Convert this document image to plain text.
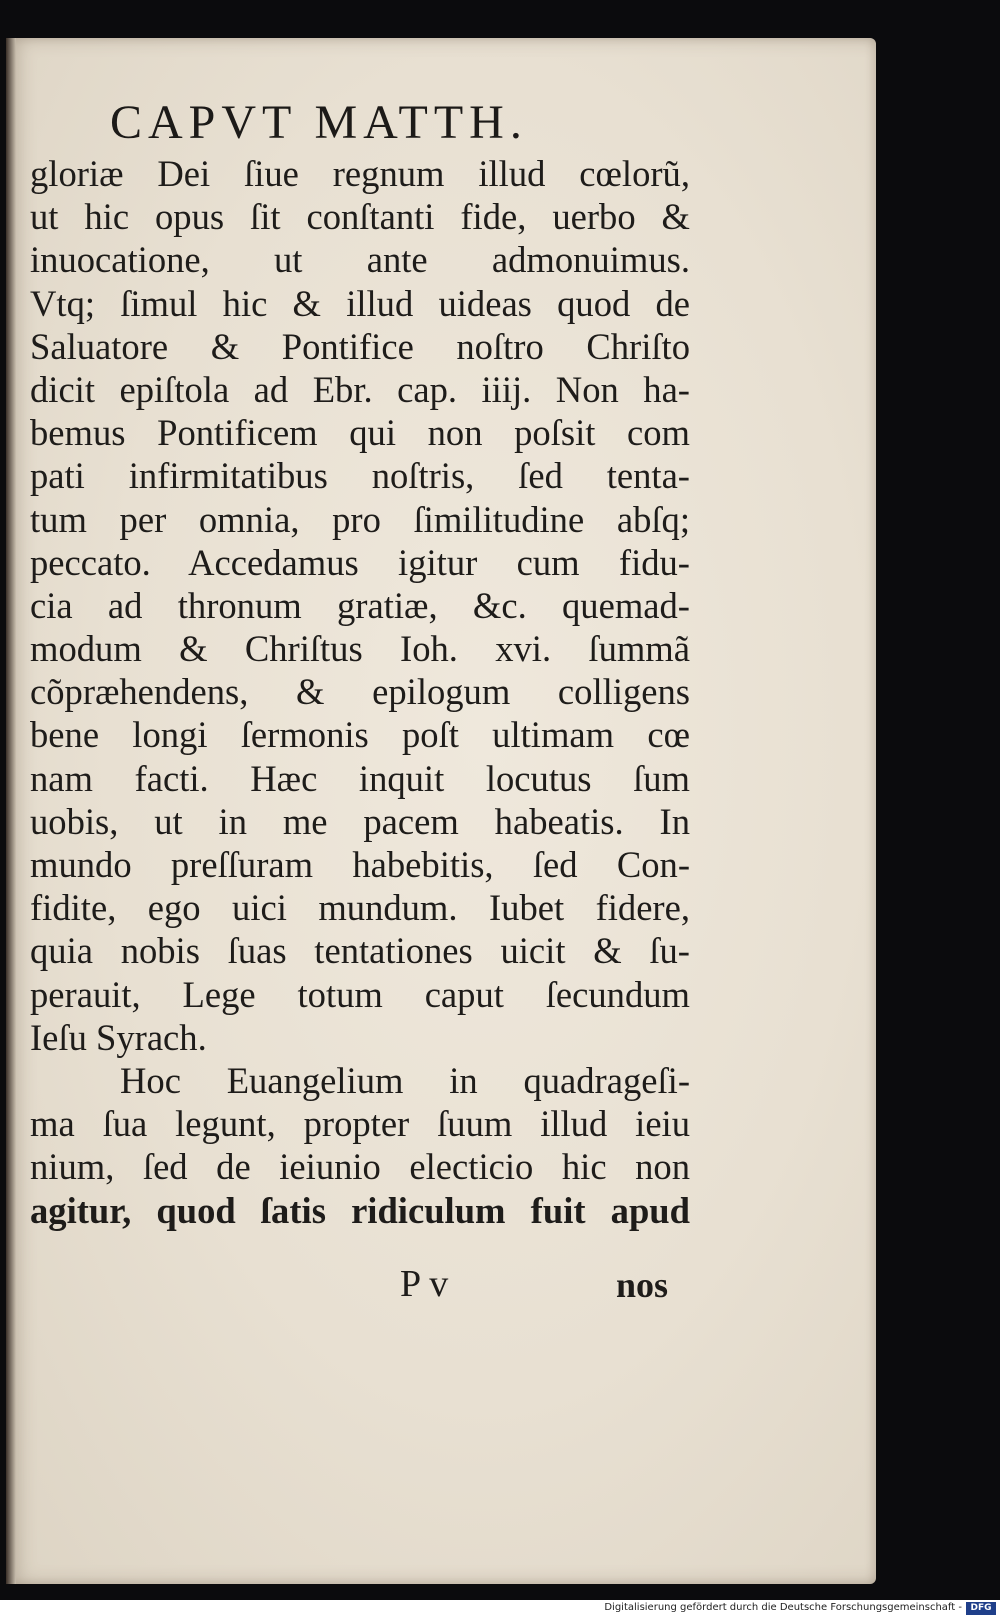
CAPVT MATTH.
gloriæ Dei ſiue regnum illud cœlorũ,
ut hic opus ſit conſtanti fide, uerbo &
inuocatione, ut ante admonuimus.
Vtq; ſimul hic & illud uideas quod de
Saluatore & Pontifice noſtro Chriſto
dicit epiſtola ad Ebr. cap. iiij. Non ha-
bemus Pontificem qui non poſsit com
pati infirmitatibus noſtris, ſed tenta-
tum per omnia, pro ſimilitudine abſq;
peccato. Accedamus igitur cum fidu-
cia ad thronum gratiæ, &c. quemad-
modum & Chriſtus Ioh. xvi. ſummã
cõpræhendens, & epilogum colligens
bene longi ſermonis poſt ultimam cœ
nam facti. Hæc inquit locutus ſum
uobis, ut in me pacem habeatis. In
mundo preſſuram habebitis, ſed Con-
fidite, ego uici mundum. Iubet fidere,
quia nobis ſuas tentationes uicit & ſu-
perauit, Lege totum caput ſecundum
Ieſu Syrach.
Hoc Euangelium in quadrageſi-
ma ſua legunt, propter ſuum illud ieiu
nium, ſed de ieiunio electicio hic non
agitur, quod ſatis ridiculum fuit apud
P v	nos
Digitalisierung gefördert durch die Deutsche Forschungsgemeinschaft - DFG
